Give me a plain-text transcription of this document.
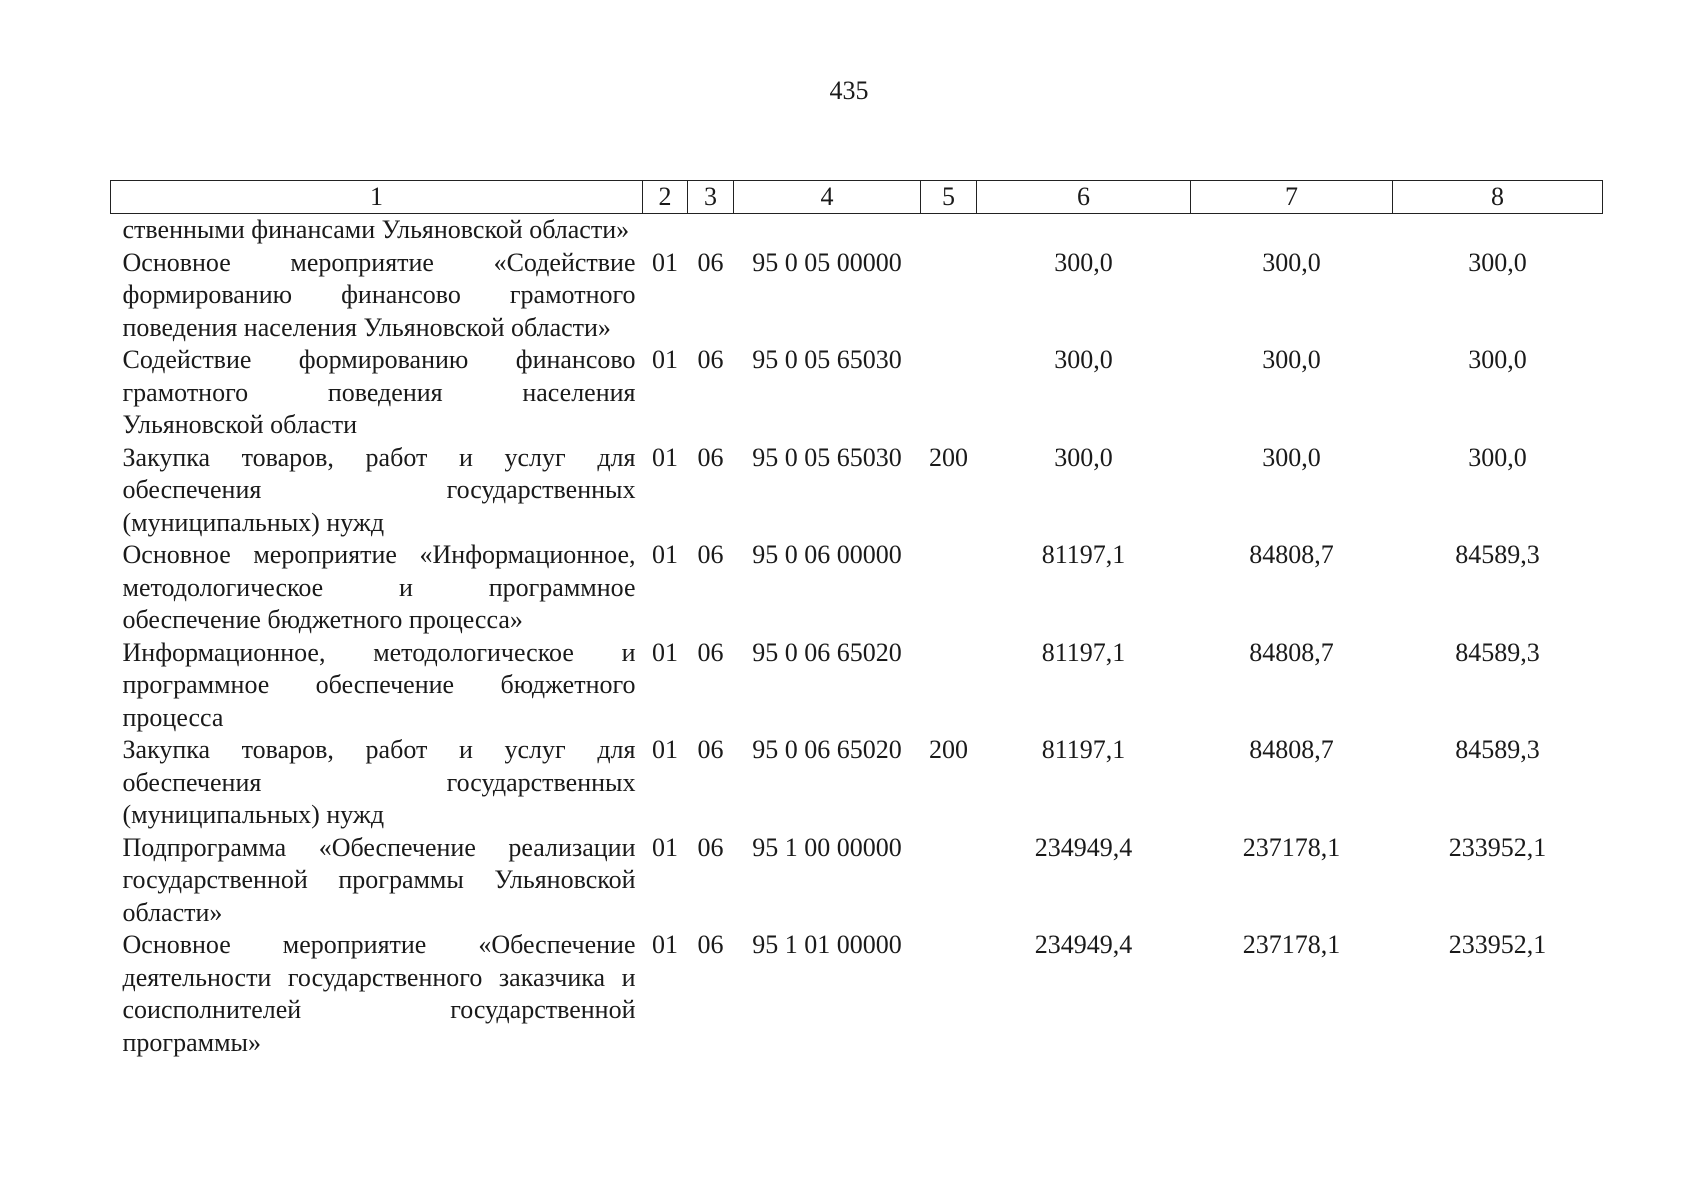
435
1	2	3	4	5	6	7	8
ственными финансами Ульяновской области»							
Основное мероприятие «Содействие формированию финансово грамотного поведения населения Ульяновской области»	01	06	95 0 05 00000		300,0	300,0	300,0
Содействие формированию финансово грамотного поведения населения Ульяновской области	01	06	95 0 05 65030		300,0	300,0	300,0
Закупка товаров, работ и услуг для обеспечения государственных (муниципальных) нужд	01	06	95 0 05 65030	200	300,0	300,0	300,0
Основное мероприятие «Информационное, методологическое и программное обеспечение бюджетного процесса»	01	06	95 0 06 00000		81197,1	84808,7	84589,3
Информационное, методологическое и программное обеспечение бюджетного процесса	01	06	95 0 06 65020		81197,1	84808,7	84589,3
Закупка товаров, работ и услуг для обеспечения государственных (муниципальных) нужд	01	06	95 0 06 65020	200	81197,1	84808,7	84589,3
Подпрограмма «Обеспечение реализации государственной программы Ульяновской области»	01	06	95 1 00 00000		234949,4	237178,1	233952,1
Основное мероприятие «Обеспечение деятельности государственного заказчика и соисполнителей государственной программы»	01	06	95 1 01 00000		234949,4	237178,1	233952,1
